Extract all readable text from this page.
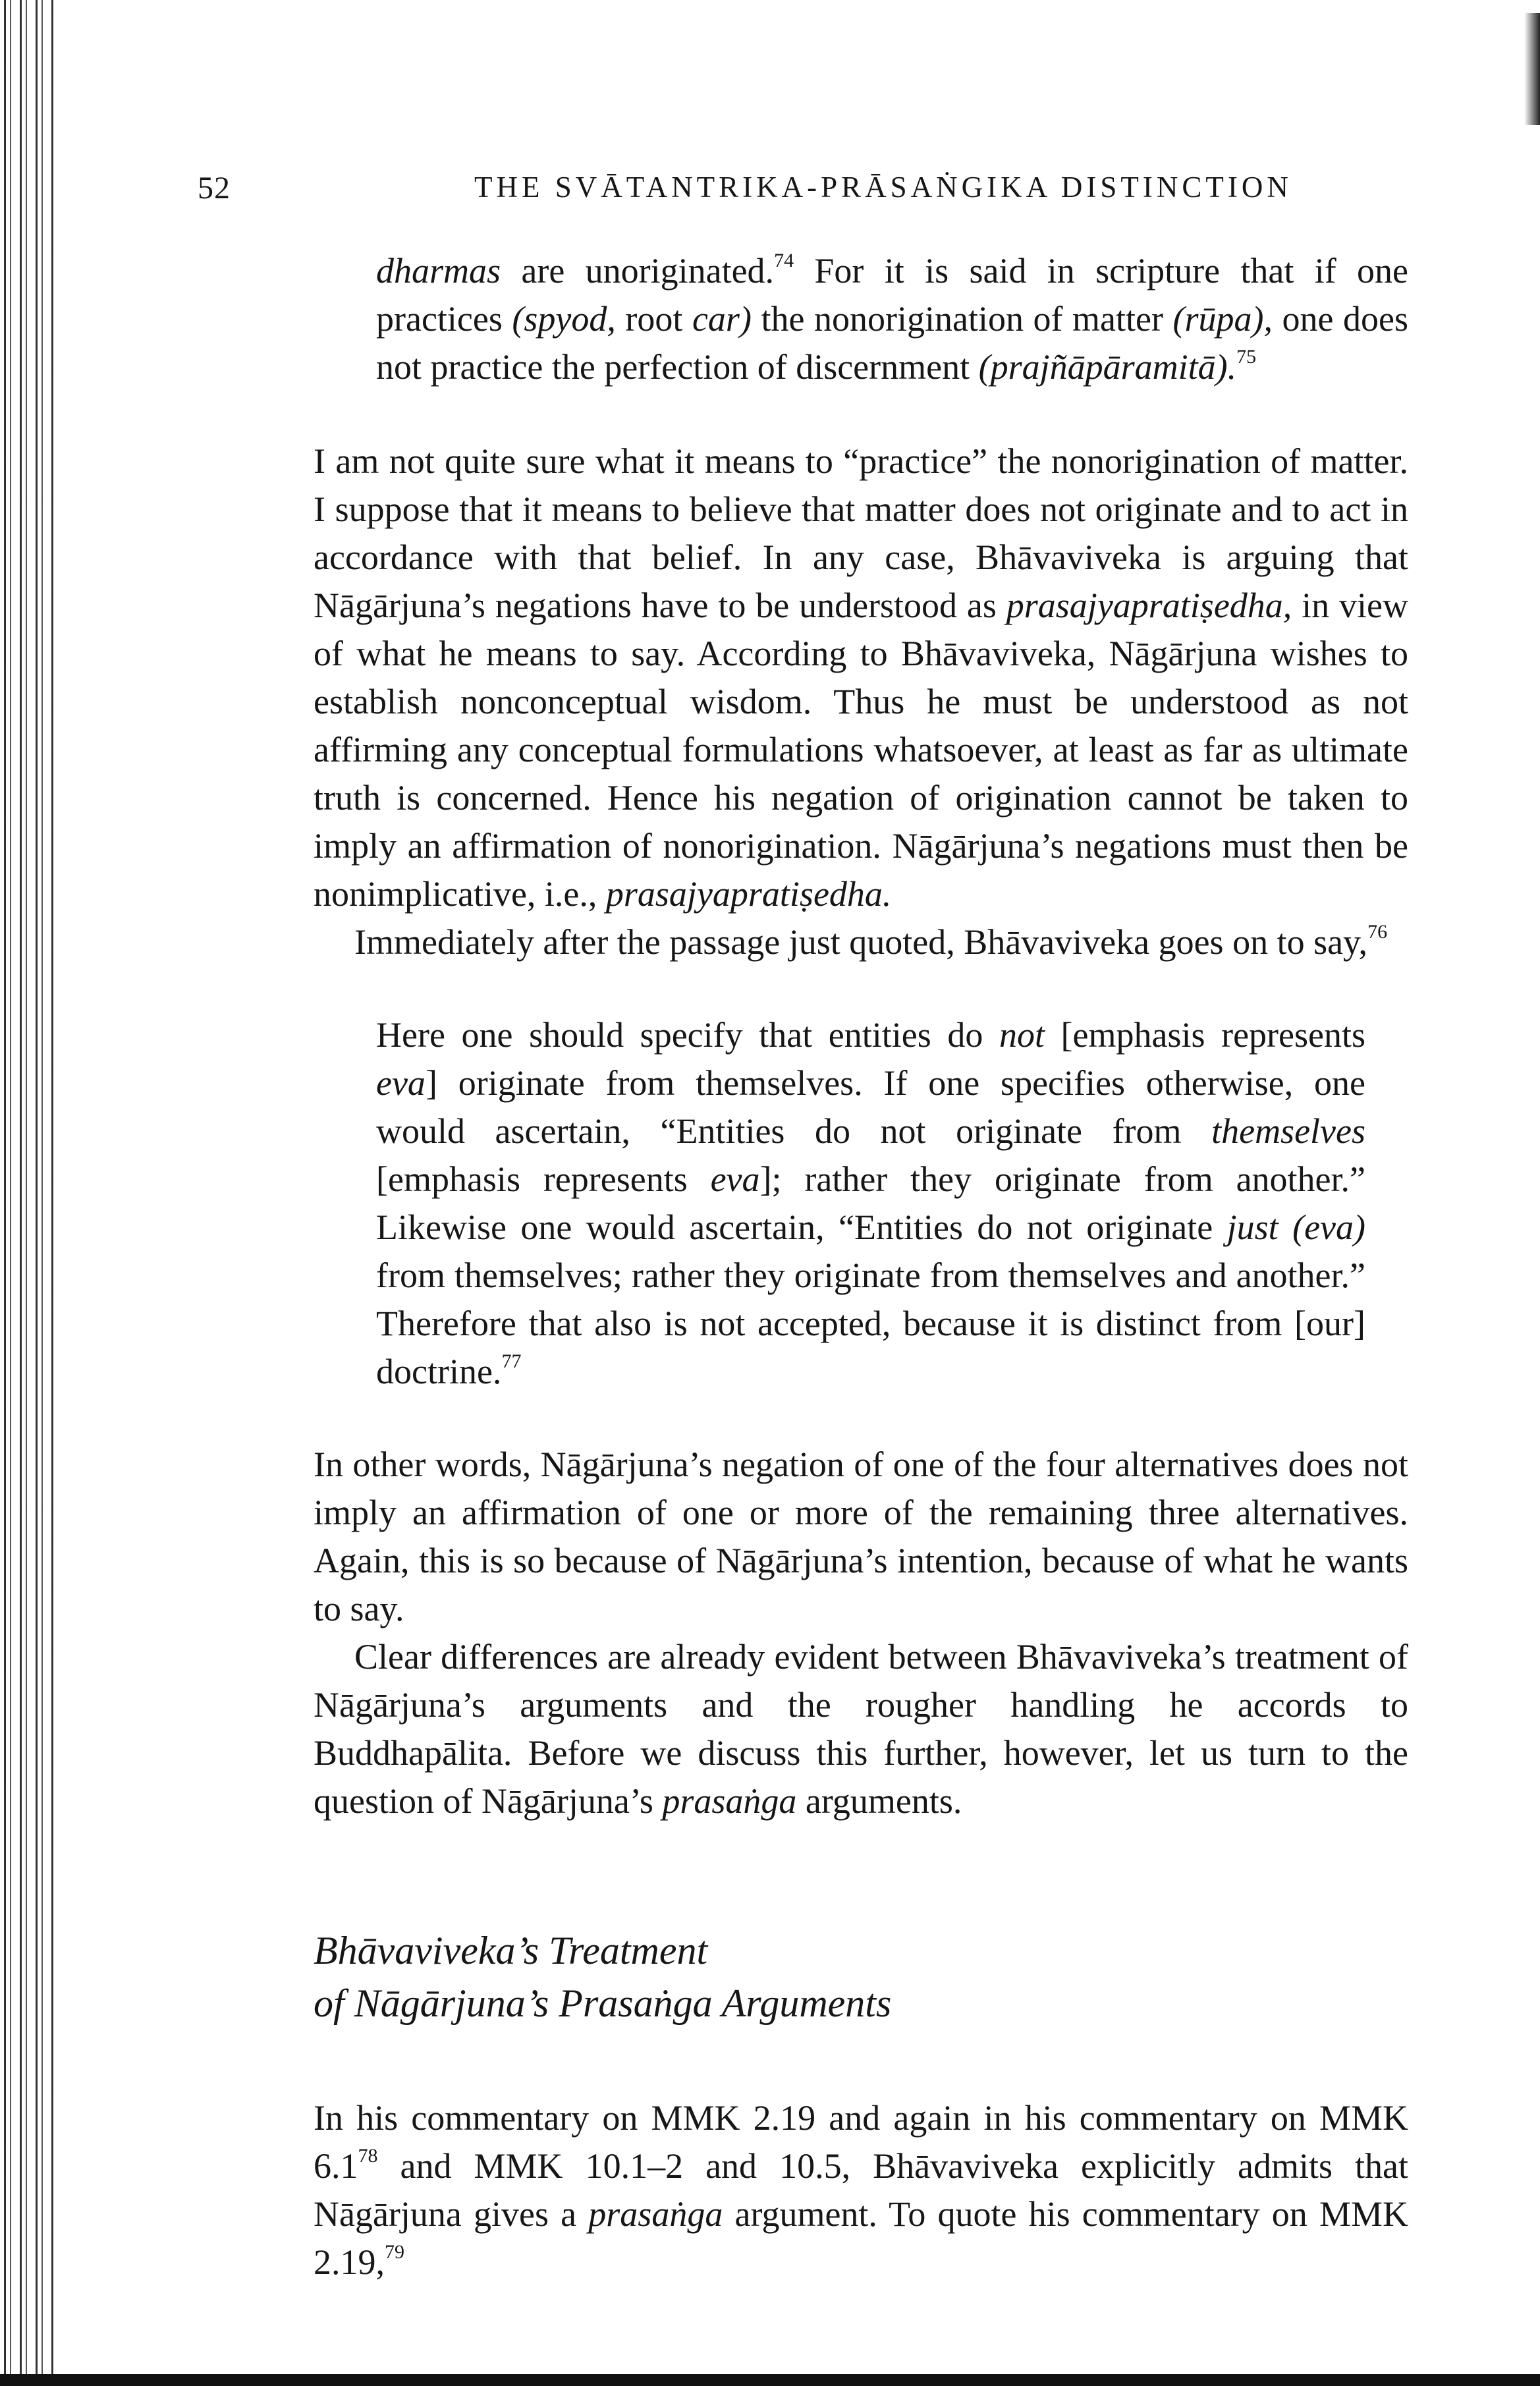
52	THE SVĀTANTRIKA-PRĀSAṄGIKA DISTINCTION

dharmas are unoriginated.$^{74}$ For it is said in scripture that if one practices (spyod, root car) the nonorigination of matter (rūpa), one does not practice the perfection of discernment (prajñāpāramitā).$^{75}$

I am not quite sure what it means to “practice” the nonorigination of matter. I suppose that it means to believe that matter does not originate and to act in accordance with that belief. In any case, Bhāvaviveka is arguing that Nāgārjuna’s negations have to be understood as prasajyapratiṣedha, in view of what he means to say. According to Bhāvaviveka, Nāgārjuna wishes to establish nonconceptual wisdom. Thus he must be understood as not affirming any conceptual formulations whatsoever, at least as far as ultimate truth is concerned. Hence his negation of origination cannot be taken to imply an affirmation of nonorigination. Nāgārjuna’s negations must then be nonimplicative, i.e., prasajyapratiṣedha.

Immediately after the passage just quoted, Bhāvaviveka goes on to say,$^{76}$

Here one should specify that entities do not [emphasis represents eva] originate from themselves. If one specifies otherwise, one would ascertain, “Entities do not originate from themselves [emphasis represents eva]; rather they originate from another.” Likewise one would ascertain, “Entities do not originate just (eva) from themselves; rather they originate from themselves and another.” Therefore that also is not accepted, because it is distinct from [our] doctrine.$^{77}$

In other words, Nāgārjuna’s negation of one of the four alternatives does not imply an affirmation of one or more of the remaining three alternatives. Again, this is so because of Nāgārjuna’s intention, because of what he wants to say.

Clear differences are already evident between Bhāvaviveka’s treatment of Nāgārjuna’s arguments and the rougher handling he accords to Buddhapālita. Before we discuss this further, however, let us turn to the question of Nāgārjuna’s prasaṅga arguments.

Bhāvaviveka’s Treatment
of Nāgārjuna’s Prasaṅga Arguments

In his commentary on MMK 2.19 and again in his commentary on MMK $6.1^{78}$ and MMK 10.1–2 and 10.5, Bhāvaviveka explicitly admits that Nāgārjuna gives a prasaṅga argument. To quote his commentary on MMK 2.19,79
